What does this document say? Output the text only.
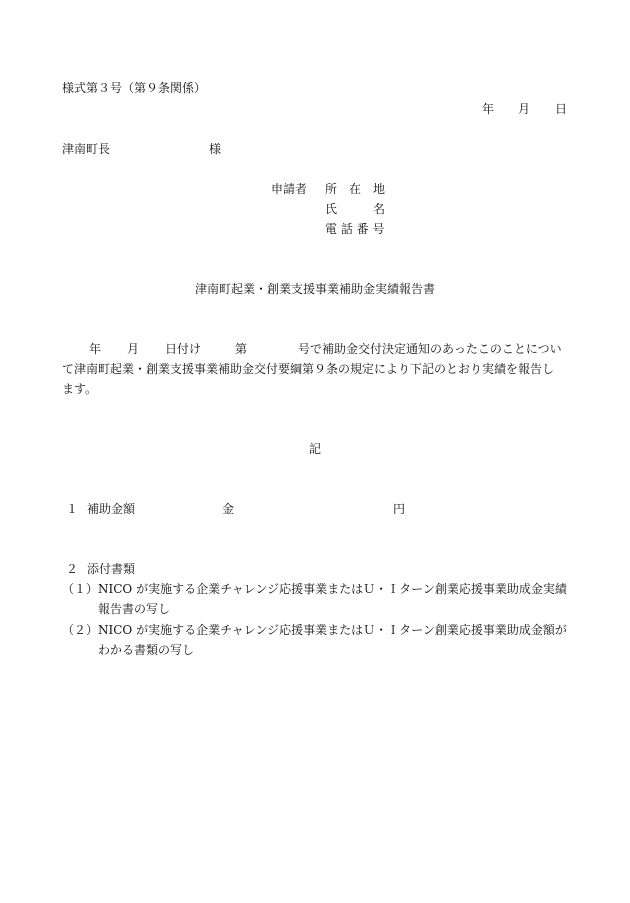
様式第３号（第９条関係）
年 月 日
津南町長	様
申請者 所　在　地
氏　　　名
電 話 番 号
津南町起業・創業支援事業補助金実績報告書
年 月 日付け	第	号で補助金交付決定通知のあったこのことについ
て津南町起業・創業支援事業補助金交付要綱第９条の規定により下記のとおり実績を報告し
ます。
記
１ 補助金額	金	円
２ 添付書類
（１） NICO が実施する企業チャレンジ応援事業またはＵ・Ｉターン創業応援事業助成金実績
報告書の写し
（２） NICO が実施する企業チャレンジ応援事業またはＵ・Ｉターン創業応援事業助成金額が
わかる書類の写し
